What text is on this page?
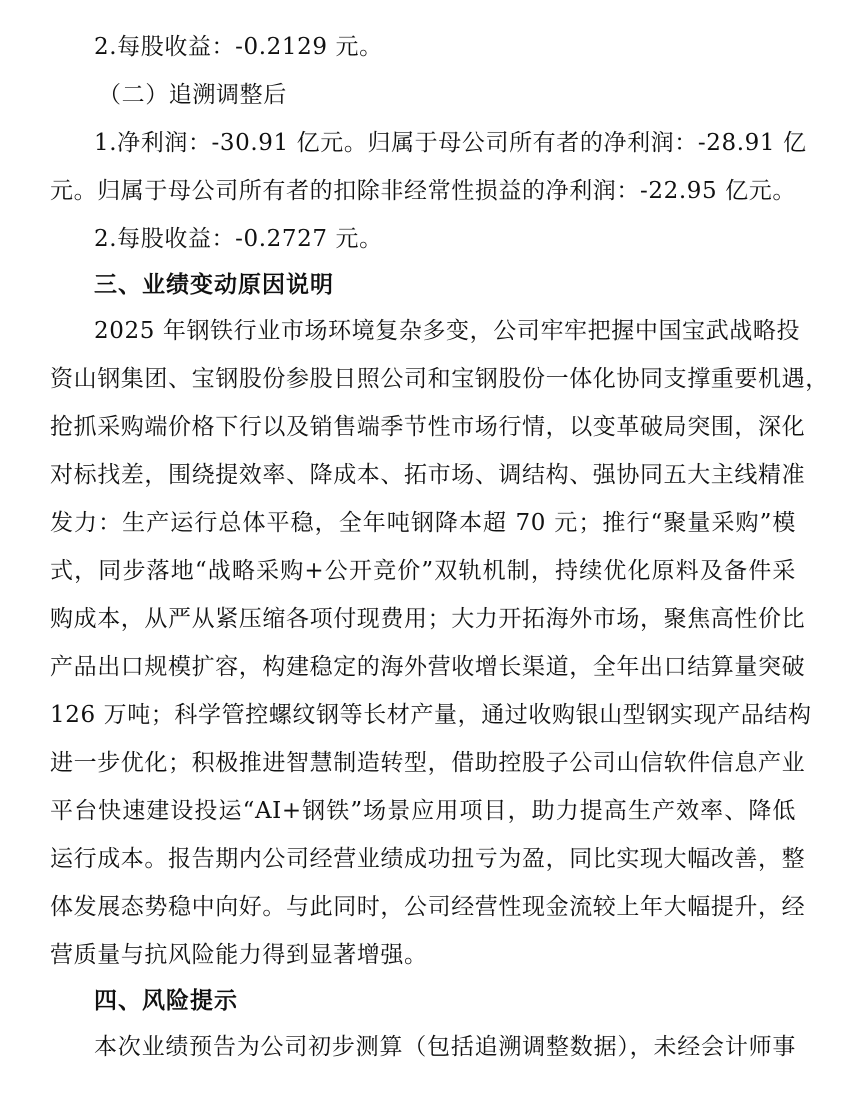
2.每股收益：-0.2129 元。
（二）追溯调整后
1.净利润：-30.91 亿元。归属于母公司所有者的净利润：-28.91 亿
元。归属于母公司所有者的扣除非经常性损益的净利润：-22.95 亿元。
2.每股收益：-0.2727 元。
三、业绩变动原因说明
2025 年钢铁行业市场环境复杂多变，公司牢牢把握中国宝武战略投
资山钢集团、宝钢股份参股日照公司和宝钢股份一体化协同支撑重要机遇，
抢抓采购端价格下行以及销售端季节性市场行情，以变革破局突围，深化
对标找差，围绕提效率、降成本、拓市场、调结构、强协同五大主线精准
发力：生产运行总体平稳，全年吨钢降本超 70 元；推行“聚量采购”模
式，同步落地“战略采购+公开竞价”双轨机制，持续优化原料及备件采
购成本，从严从紧压缩各项付现费用；大力开拓海外市场，聚焦高性价比
产品出口规模扩容，构建稳定的海外营收增长渠道，全年出口结算量突破
126 万吨；科学管控螺纹钢等长材产量，通过收购银山型钢实现产品结构
进一步优化；积极推进智慧制造转型，借助控股子公司山信软件信息产业
平台快速建设投运“AI+钢铁”场景应用项目，助力提高生产效率、降低
运行成本。报告期内公司经营业绩成功扭亏为盈，同比实现大幅改善，整
体发展态势稳中向好。与此同时，公司经营性现金流较上年大幅提升，经
营质量与抗风险能力得到显著增强。
四、风险提示
本次业绩预告为公司初步测算（包括追溯调整数据），未经会计师事
